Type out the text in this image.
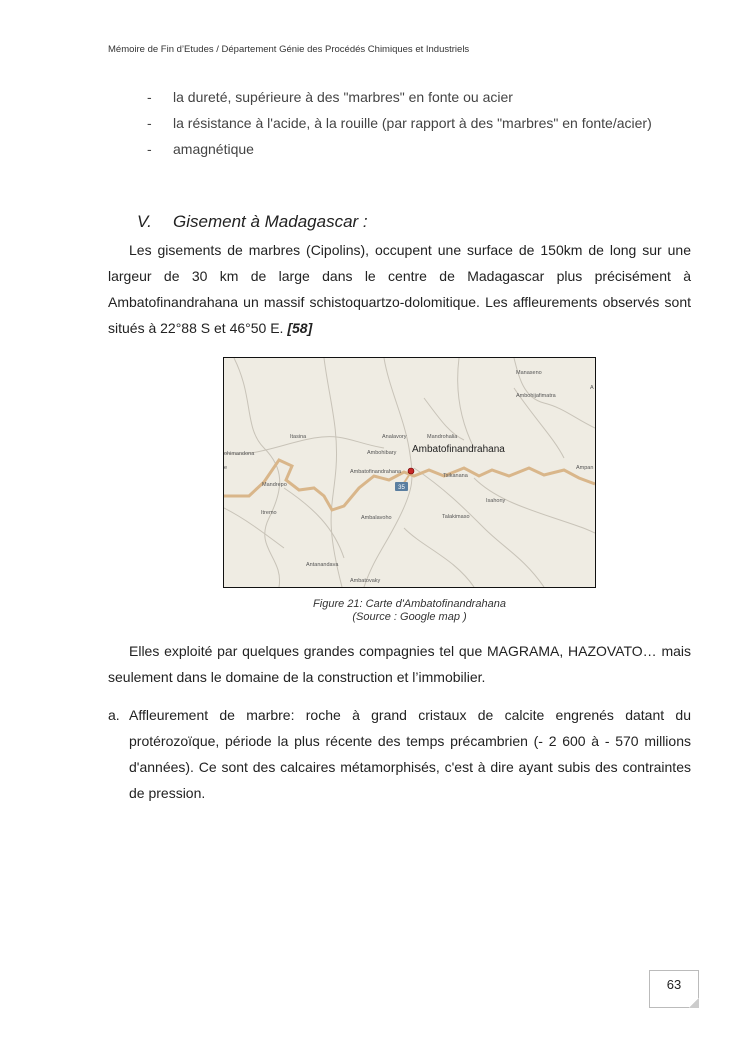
Mémoire de Fin d’Etudes / Département Génie des Procédés Chimiques et Industriels
- la dureté, supérieure à des "marbres" en fonte ou acier
- la résistance à l'acide, à la rouille (par rapport à des "marbres" en fonte/acier)
- amagnétique
V. Gisement à Madagascar :
Les gisements de marbres (Cipolins), occupent une surface de 150km de long sur une largeur de 30 km de large dans le centre de Madagascar plus précisément à Ambatofinandrahana un massif schistoquartzo-dolomitique. Les affleurements observés sont situés à 22°88 S et 46°50 E. [58]
35
Manaseno
Ambohijafimatra
A
Itasina	Analavory	Mandrohalia
Ambohibary
ohimandona
e
Ambatofinandrahana
Tsikanana
Ampan
Mandrepo
Isahony
Itremo
Ambalavoho	Talakimaso
Antanandava
Ambatovaky
Ambatofinandrahana
Figure 21: Carte d'Ambatofinandrahana
(Source : Google map )
Elles exploité par quelques grandes compagnies tel que MAGRAMA, HAZOVATO… mais seulement dans le domaine de la construction et l’immobilier.
a. Affleurement de marbre: roche à grand cristaux de calcite engrenés datant du protérozoïque, période la plus récente des temps précambrien (- 2 600 à - 570 millions d'années). Ce sont des calcaires métamorphisés, c'est à dire ayant subis des contraintes de pression.
63
